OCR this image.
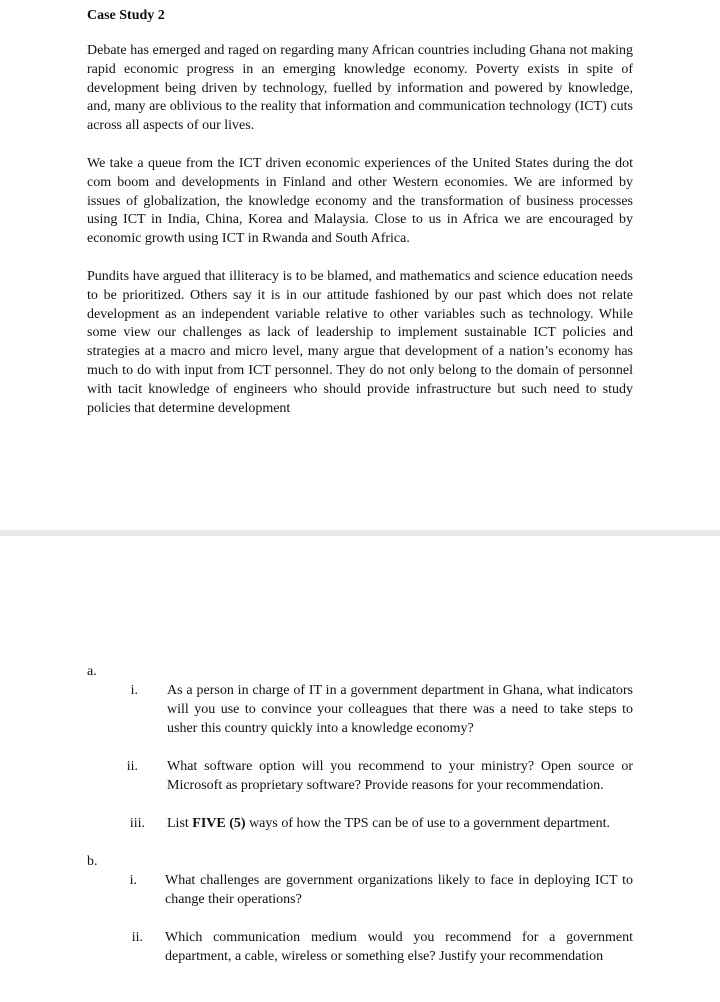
Case Study 2

Debate has emerged and raged on regarding many African countries including Ghana not making rapid economic progress in an emerging knowledge economy. Poverty exists in spite of development being driven by technology, fuelled by information and powered by knowledge, and, many are oblivious to the reality that information and communication technology (ICT) cuts across all aspects of our lives.

We take a queue from the ICT driven economic experiences of the United States during the dot com boom and developments in Finland and other Western economies. We are informed by issues of globalization, the knowledge economy and the transformation of business processes using ICT in India, China, Korea and Malaysia. Close to us in Africa we are encouraged by economic growth using ICT in Rwanda and South Africa.

Pundits have argued that illiteracy is to be blamed, and mathematics and science education needs to be prioritized. Others say it is in our attitude fashioned by our past which does not relate development as an independent variable relative to other variables such as technology. While some view our challenges as lack of leadership to implement sustainable ICT policies and strategies at a macro and micro level, many argue that development of a nation’s economy has much to do with input from ICT personnel. They do not only belong to the domain of personnel with tacit knowledge of engineers who should provide infrastructure but such need to study policies that determine development

a.
i. As a person in charge of IT in a government department in Ghana, what indicators will you use to convince your colleagues that there was a need to take steps to usher this country quickly into a knowledge economy?

ii. What software option will you recommend to your ministry? Open source or Microsoft as proprietary software? Provide reasons for your recommendation.

iii. List FIVE (5) ways of how the TPS can be of use to a government department.

b.
i. What challenges are government organizations likely to face in deploying ICT to change their operations?

ii. Which communication medium would you recommend for a government department, a cable, wireless or something else? Justify your recommendation
